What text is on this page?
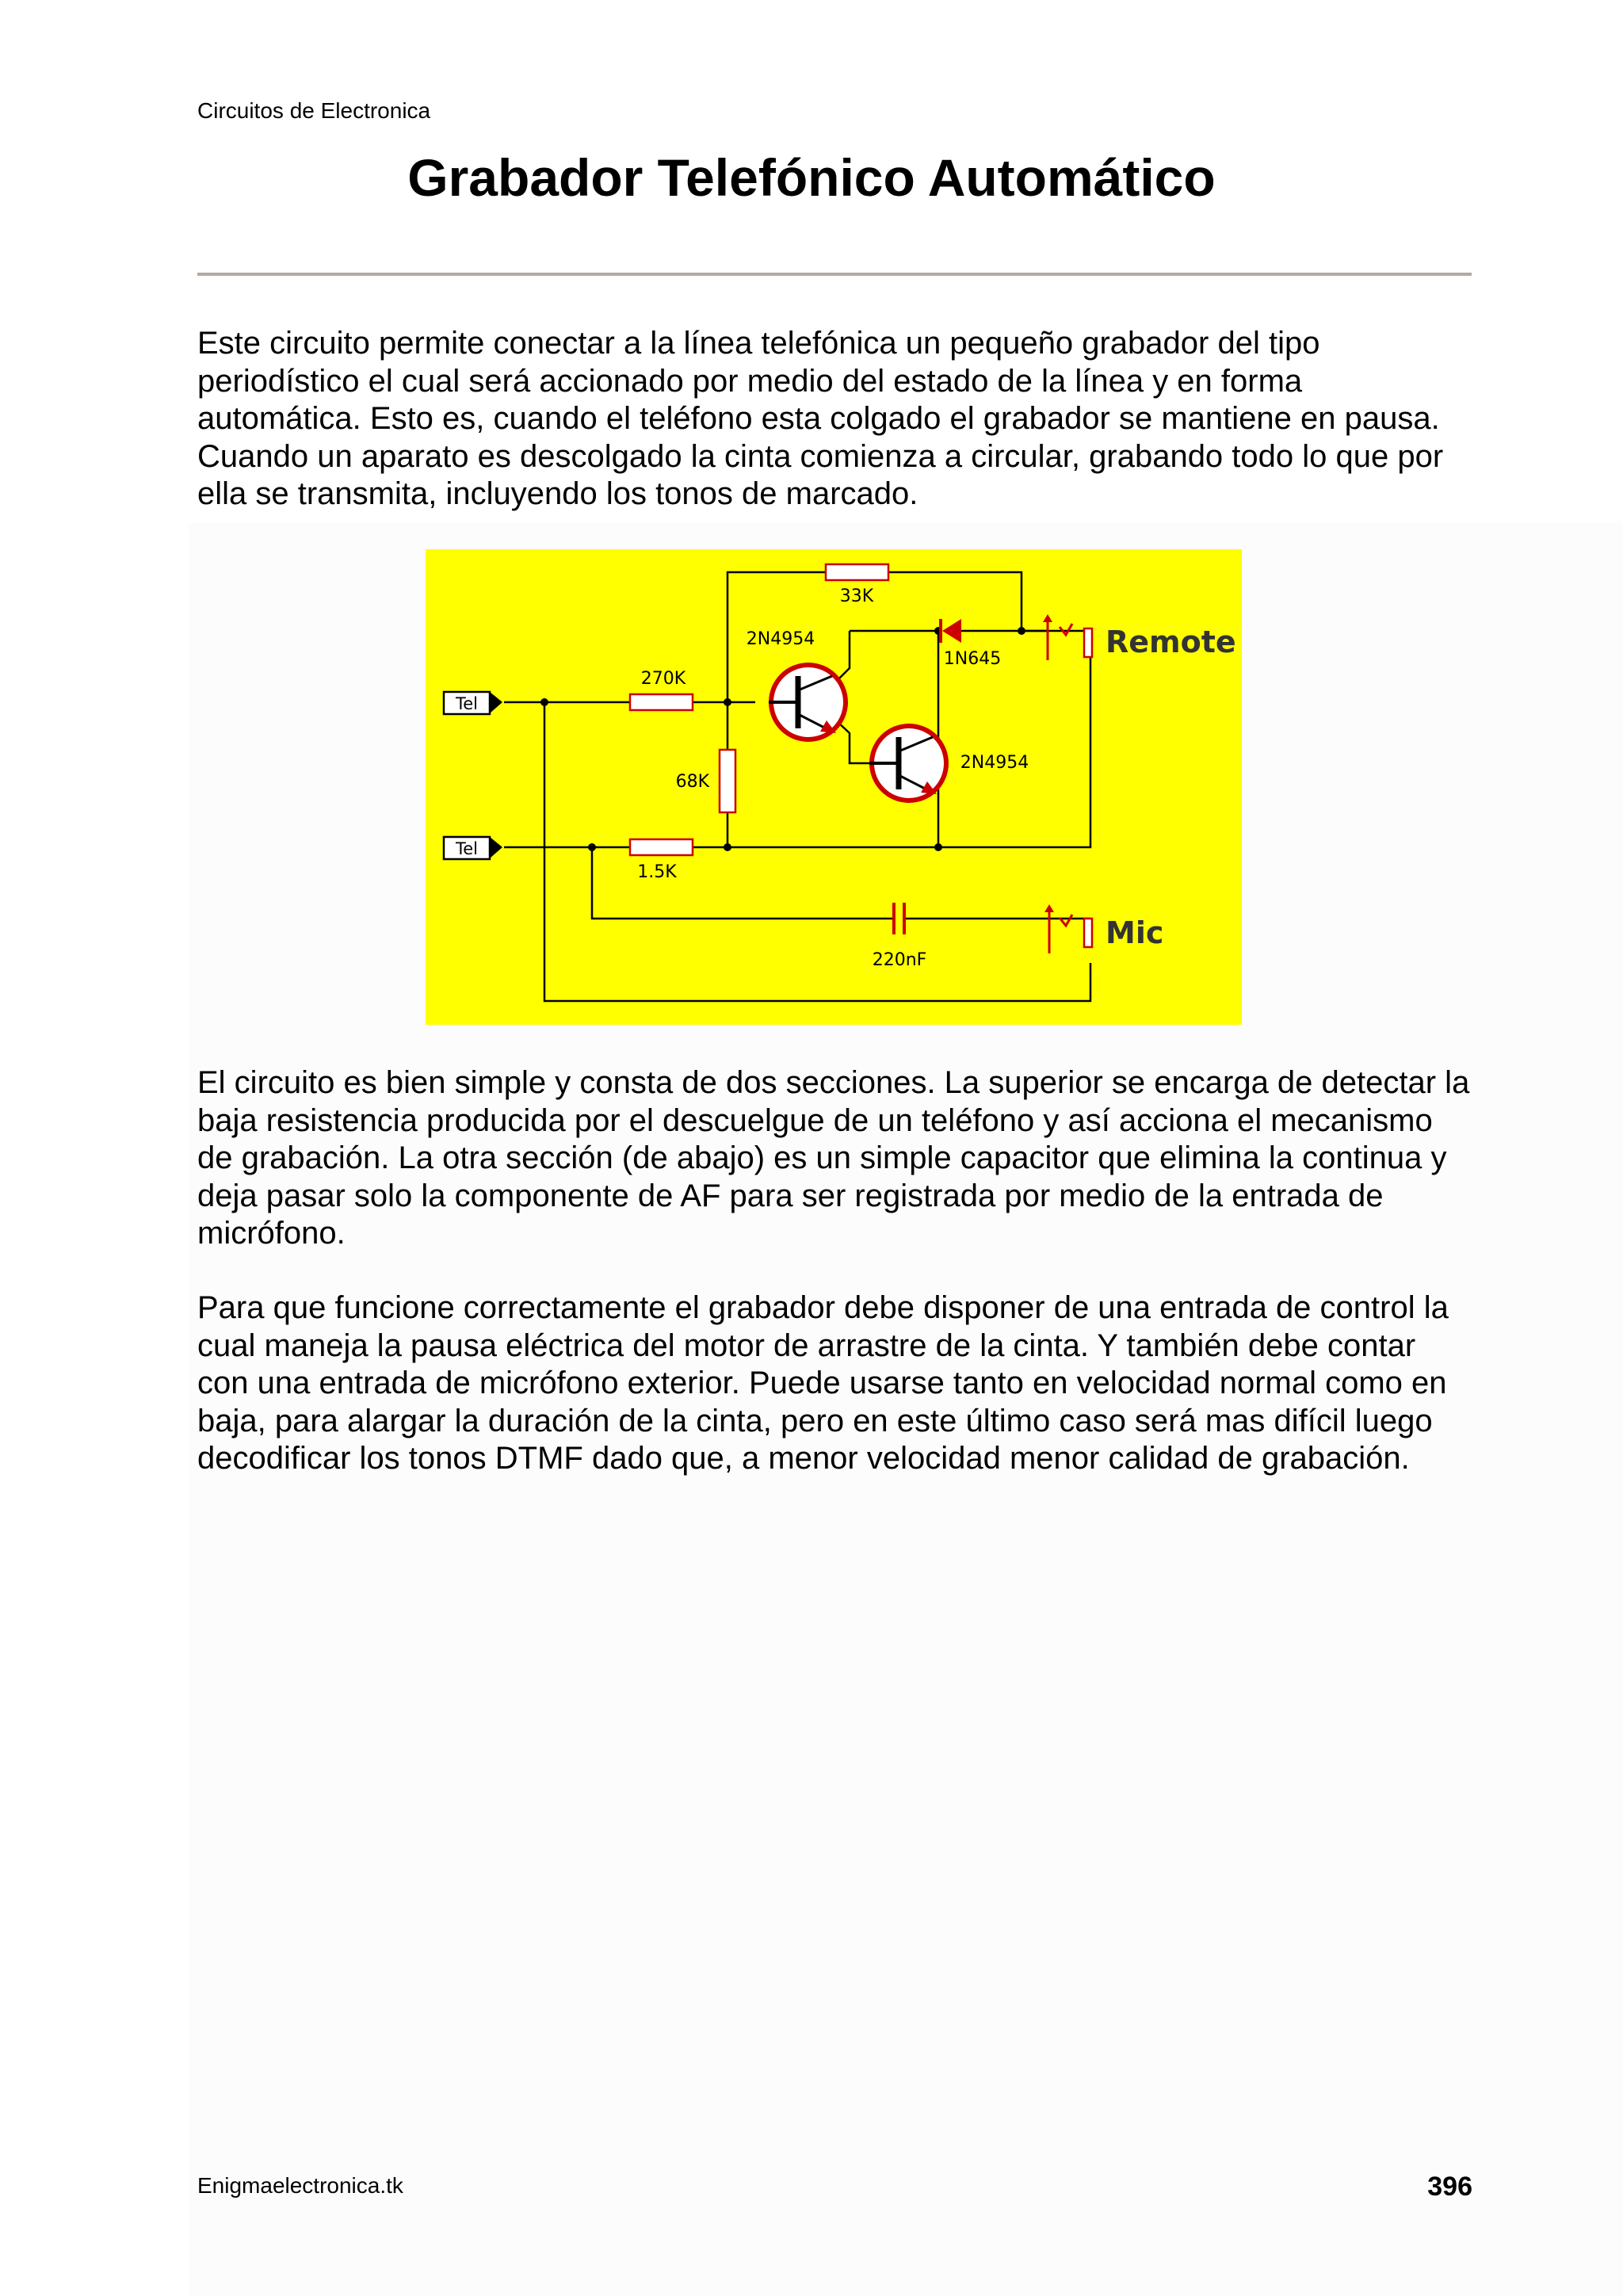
Circuitos de Electronica
Grabador Telefónico Automático

Este circuito permite conectar a la línea telefónica un pequeño grabador del tipo periodístico el cual será accionado por medio del estado de la línea y en forma automática. Esto es, cuando el teléfono esta colgado el grabador se mantiene en pausa. Cuando un aparato es descolgado la cinta comienza a circular, grabando todo lo que por ella se transmita, incluyendo los tonos de marcado.

Tel
Tel
33K
270K
68K
1.5K
1N645
2N4954
2N4954
220nF
Remote
Mic

El circuito es bien simple y consta de dos secciones. La superior se encarga de detectar la baja resistencia producida por el descuelgue de un teléfono y así acciona el mecanismo de grabación. La otra sección (de abajo) es un simple capacitor que elimina la continua y deja pasar solo la componente de AF para ser registrada por medio de la entrada de micrófono.

Para que funcione correctamente el grabador debe disponer de una entrada de control la cual maneja la pausa eléctrica del motor de arrastre de la cinta. Y también debe contar con una entrada de micrófono exterior. Puede usarse tanto en velocidad normal como en baja, para alargar la duración de la cinta, pero en este último caso será mas difícil luego decodificar los tonos DTMF dado que, a menor velocidad menor calidad de grabación.

Enigmaelectronica.tk	396
